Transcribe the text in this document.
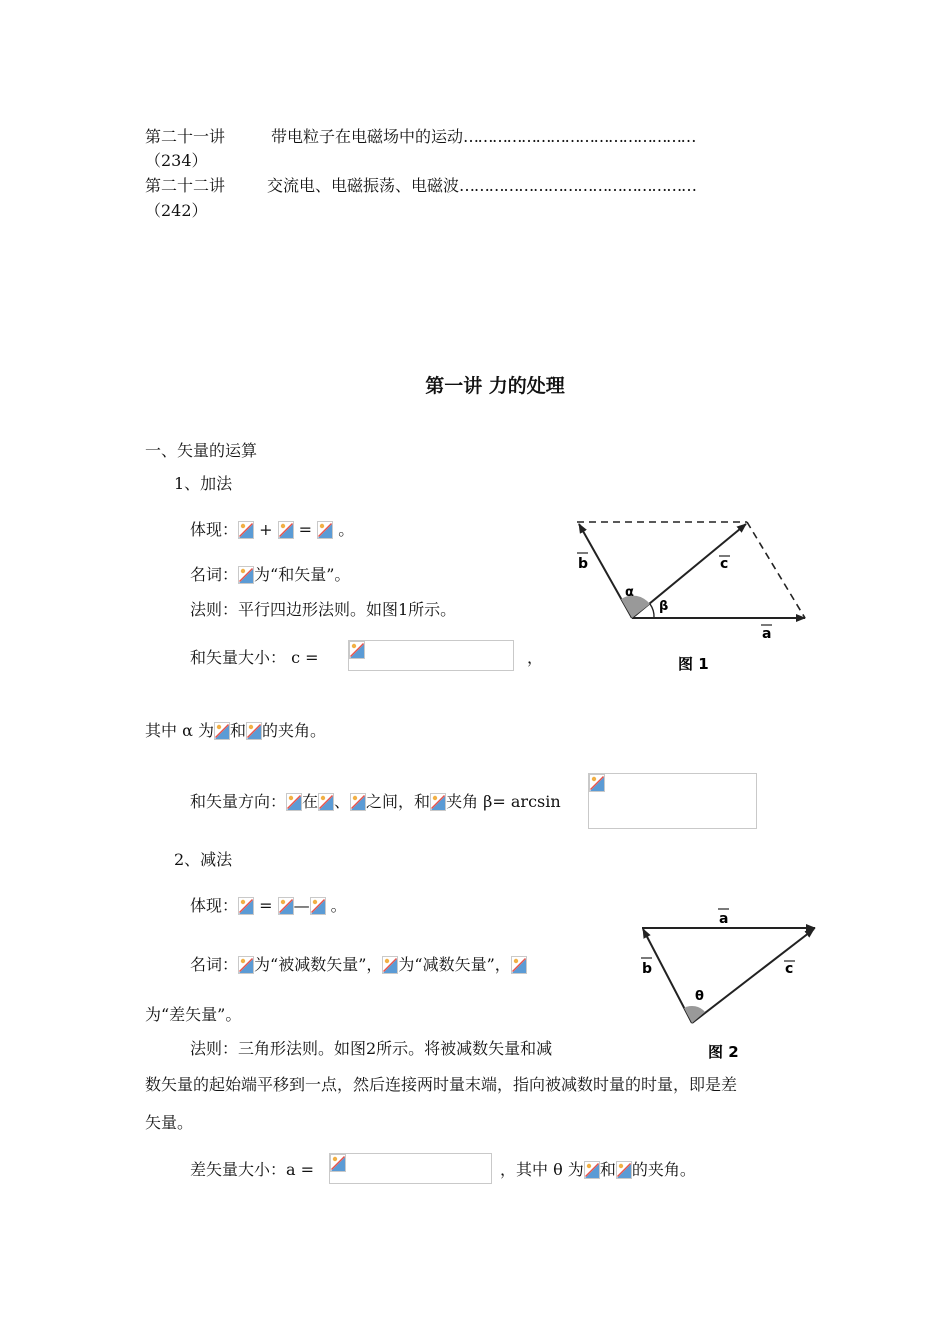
第二十一讲	带电粒子在电磁场中的运动…………………………………………
（234）
第二十二讲	交流电、电磁振荡、电磁波…………………………………………
（242）
第一讲 力的处理
一、矢量的运算
1、加法
体现：
+
=
。
名词： 为“和矢量”。
法则：平行四边形法则。如图1所示。
和矢量大小： c =	，
其中 α 为 和 的夹角。
和矢量方向： 在 、 之间，和 夹角 β= arcsin
α
β
a
b	c
图 1
2、减法
体现：
=
—
。
名词： 为“被减数矢量”， 为“减数矢量”，
为“差矢量”。
法则：三角形法则。如图2所示。将被减数矢量和减
数矢量的起始端平移到一点，然后连接两时量末端，指向被减数时量的时量，即是差
矢量。
差矢量大小：a =	，其中 θ 为 和 的夹角。
θ
a
b	c
图 2
